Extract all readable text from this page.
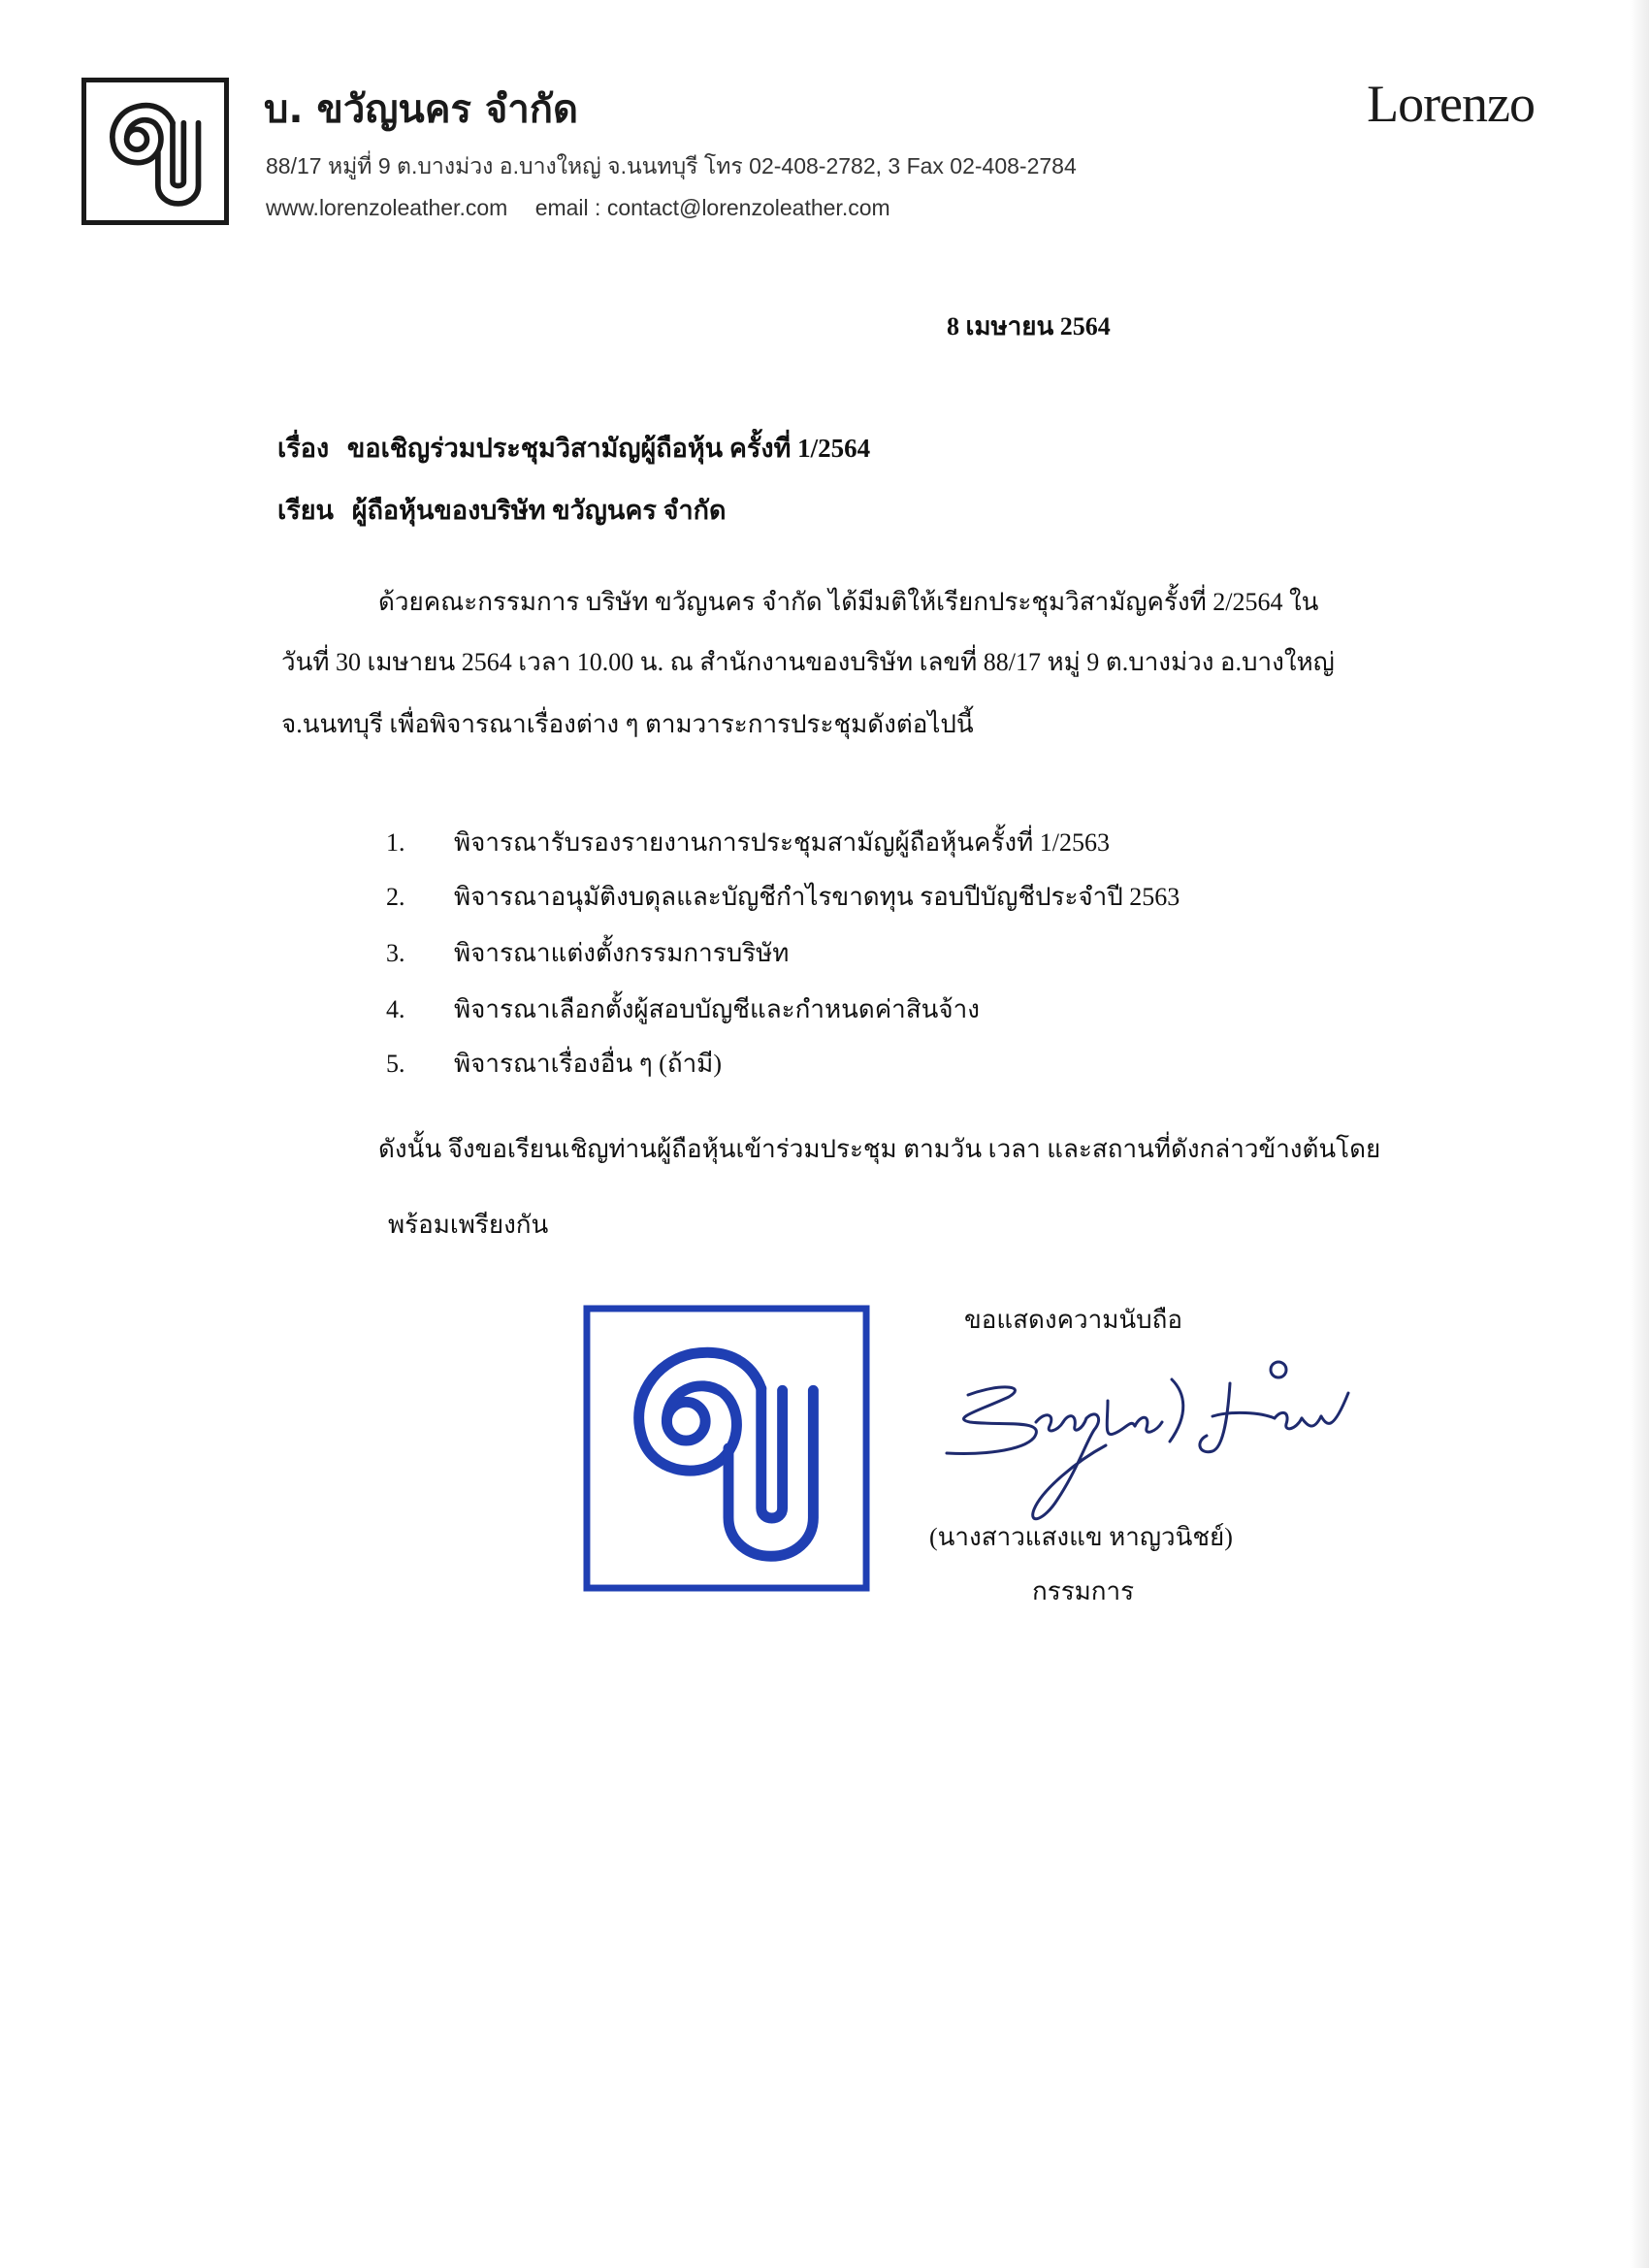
บ. ขวัญนคร จำกัด
88/17 หมู่ที่ 9 ต.บางม่วง อ.บางใหญ่ จ.นนทบุรี โทร 02-408-2782, 3 Fax 02-408-2784
www.lorenzoleather.com email : contact@lorenzoleather.com
Lorenzo
8 เมษายน 2564
เรื่อง ขอเชิญร่วมประชุมวิสามัญผู้ถือหุ้น ครั้งที่ 1/2564
เรียน ผู้ถือหุ้นของบริษัท ขวัญนคร จำกัด
ด้วยคณะกรรมการ บริษัท ขวัญนคร จำกัด ได้มีมติให้เรียกประชุมวิสามัญครั้งที่ 2/2564 ใน
วันที่ 30 เมษายน 2564 เวลา 10.00 น. ณ สำนักงานของบริษัท เลขที่ 88/17 หมู่ 9 ต.บางม่วง อ.บางใหญ่
จ.นนทบุรี เพื่อพิจารณาเรื่องต่าง ๆ ตามวาระการประชุมดังต่อไปนี้
1. พิจารณารับรองรายงานการประชุมสามัญผู้ถือหุ้นครั้งที่ 1/2563
2. พิจารณาอนุมัติงบดุลและบัญชีกำไรขาดทุน รอบปีบัญชีประจำปี 2563
3. พิจารณาแต่งตั้งกรรมการบริษัท
4. พิจารณาเลือกตั้งผู้สอบบัญชีและกำหนดค่าสินจ้าง
5. พิจารณาเรื่องอื่น ๆ (ถ้ามี)
ดังนั้น จึงขอเรียนเชิญท่านผู้ถือหุ้นเข้าร่วมประชุม ตามวัน เวลา และสถานที่ดังกล่าวข้างต้นโดย
พร้อมเพรียงกัน
ขอแสดงความนับถือ
(นางสาวแสงแข หาญวนิชย์)
กรรมการ
